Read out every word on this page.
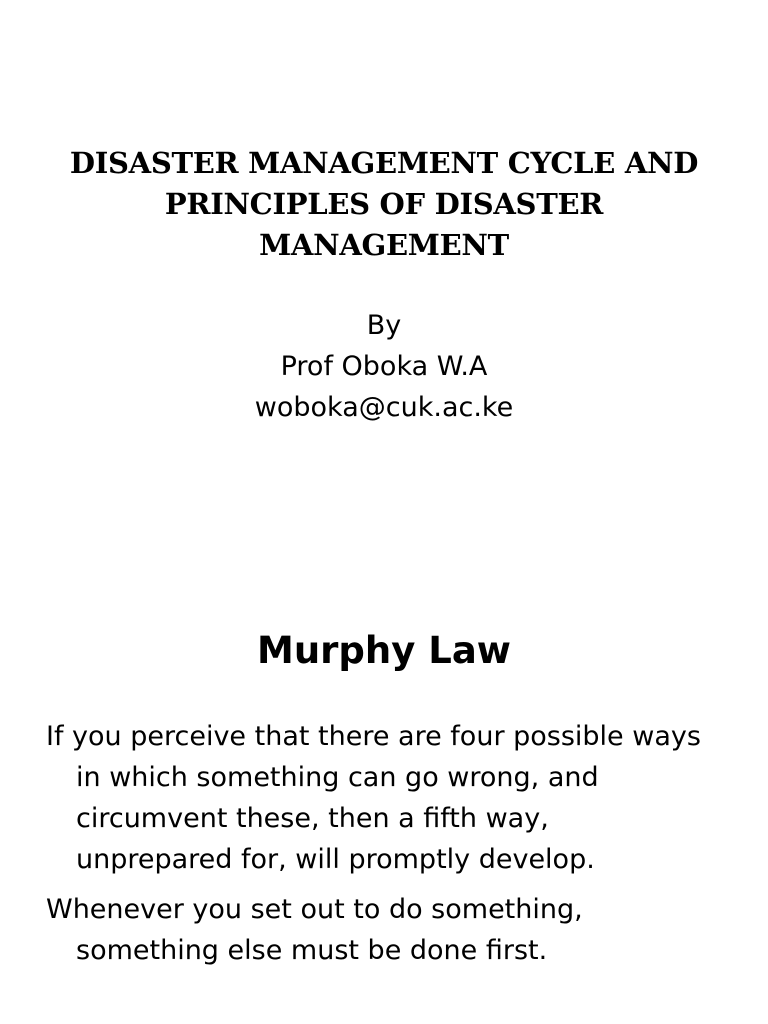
DISASTER MANAGEMENT CYCLE AND
PRINCIPLES OF DISASTER
MANAGEMENT
By
Prof Oboka W.A
woboka@cuk.ac.ke
Murphy Law

If you perceive that there are four possible ways
in which something can go wrong, and
circumvent these, then a fifth way,
unprepared for, will promptly develop.

Whenever you set out to do something,
something else must be done first.
